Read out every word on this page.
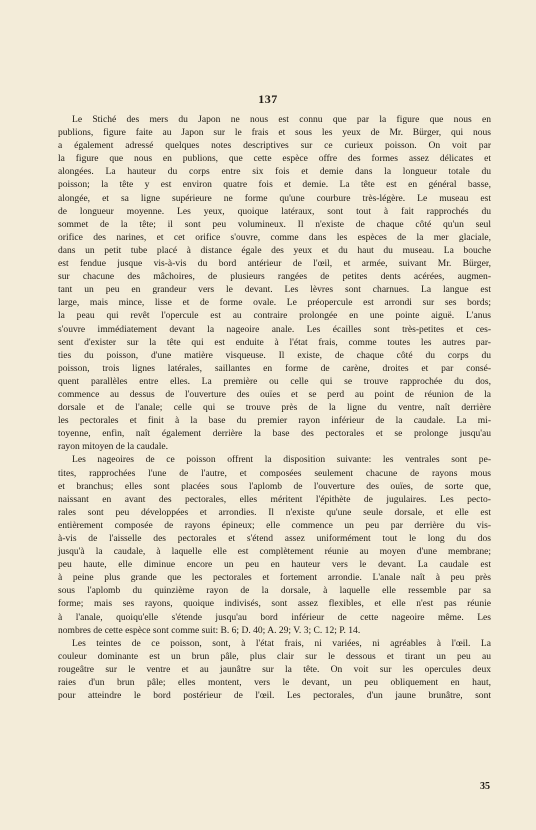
137
Le Stiché des mers du Japon ne nous est connu que par la figure que nous en
publions, figure faite au Japon sur le frais et sous les yeux de Mr. Bürger, qui nous
a également adressé quelques notes descriptives sur ce curieux poisson. On voit par
la figure que nous en publions, que cette espèce offre des formes assez délicates et
alongées. La hauteur du corps entre six fois et demie dans la longueur totale du
poisson; la tête y est environ quatre fois et demie. La tête est en général basse,
alongée, et sa ligne supérieure ne forme qu'une courbure très-légère. Le museau est
de longueur moyenne. Les yeux, quoique latéraux, sont tout à fait rapprochés du
sommet de la tête; il sont peu volumineux. Il n'existe de chaque côté qu'un seul
orifice des narines, et cet orifice s'ouvre, comme dans les espèces de la mer glaciale,
dans un petit tube placé à distance égale des yeux et du haut du museau. La bouche
est fendue jusque vis-à-vis du bord antérieur de l'œil, et armée, suivant Mr. Bürger,
sur chacune des mâchoires, de plusieurs rangées de petites dents acérées, augmen-
tant un peu en grandeur vers le devant. Les lèvres sont charnues. La langue est
large, mais mince, lisse et de forme ovale. Le préopercule est arrondi sur ses bords;
la peau qui revêt l'opercule est au contraire prolongée en une pointe aiguë. L'anus
s'ouvre immédiatement devant la nageoire anale. Les écailles sont très-petites et ces-
sent d'exister sur la tête qui est enduite à l'état frais, comme toutes les autres par-
ties du poisson, d'une matière visqueuse. Il existe, de chaque côté du corps du
poisson, trois lignes latérales, saillantes en forme de carène, droites et par consé-
quent parallèles entre elles. La première ou celle qui se trouve rapprochée du dos,
commence au dessus de l'ouverture des ouïes et se perd au point de réunion de la
dorsale et de l'anale; celle qui se trouve près de la ligne du ventre, naît derrière
les pectorales et finit à la base du premier rayon inférieur de la caudale. La mi-
toyenne, enfin, naît également derrière la base des pectorales et se prolonge jusqu'au
rayon mitoyen de la caudale.
Les nageoires de ce poisson offrent la disposition suivante: les ventrales sont pe-
tites, rapprochées l'une de l'autre, et composées seulement chacune de rayons mous
et branchus; elles sont placées sous l'aplomb de l'ouverture des ouïes, de sorte que,
naissant en avant des pectorales, elles méritent l'épithète de jugulaires. Les pecto-
rales sont peu développées et arrondies. Il n'existe qu'une seule dorsale, et elle est
entièrement composée de rayons épineux; elle commence un peu par derrière du vis-
à-vis de l'aisselle des pectorales et s'étend assez uniformément tout le long du dos
jusqu'à la caudale, à laquelle elle est complètement réunie au moyen d'une membrane;
peu haute, elle diminue encore un peu en hauteur vers le devant. La caudale est
à peine plus grande que les pectorales et fortement arrondie. L'anale naît à peu près
sous l'aplomb du quinzième rayon de la dorsale, à laquelle elle ressemble par sa
forme; mais ses rayons, quoique indivisés, sont assez flexibles, et elle n'est pas réunie
à l'anale, quoiqu'elle s'étende jusqu'au bord inférieur de cette nageoire même. Les
nombres de cette espèce sont comme suit: B. 6; D. 40; A. 29; V. 3; C. 12; P. 14.
Les teintes de ce poisson, sont, à l'état frais, ni variées, ni agréables à l'œil. La
couleur dominante est un brun pâle, plus clair sur le dessous et tirant un peu au
rougeâtre sur le ventre et au jaunâtre sur la tête. On voit sur les opercules deux
raies d'un brun pâle; elles montent, vers le devant, un peu obliquement en haut,
pour atteindre le bord postérieur de l'œil. Les pectorales, d'un jaune brunâtre, sont
35
